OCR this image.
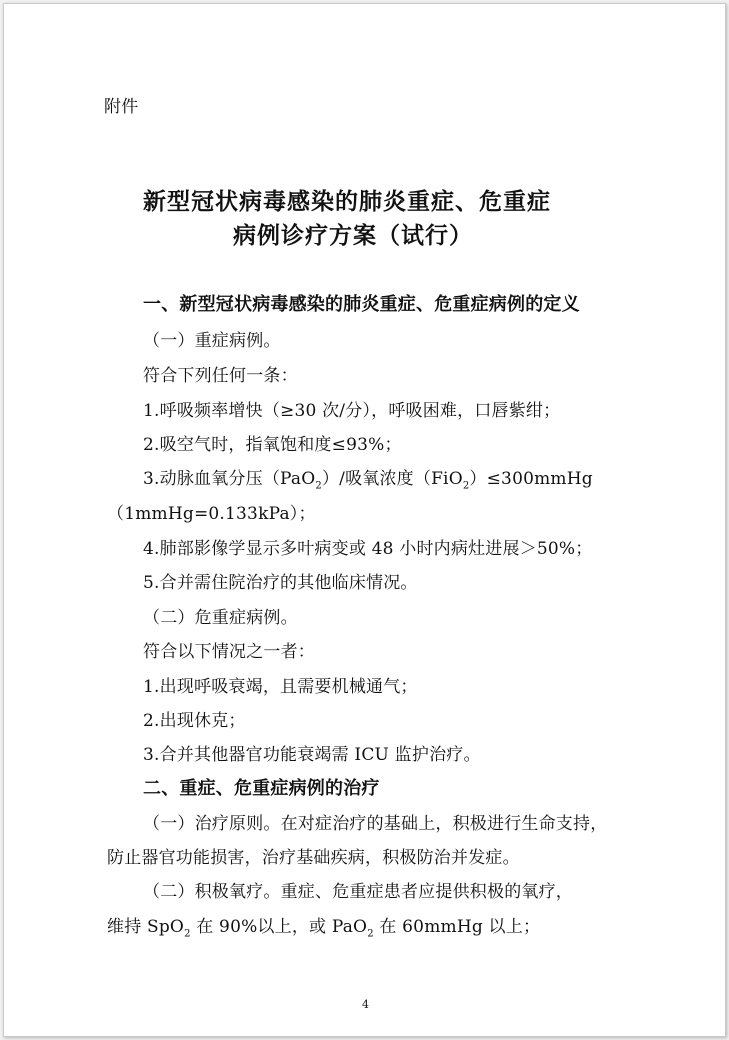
附件
新型冠状病毒感染的肺炎重症、危重症
病例诊疗方案（试行）
一、新型冠状病毒感染的肺炎重症、危重症病例的定义
（一）重症病例。
符合下列任何一条：
1.呼吸频率增快（≥30 次/分），呼吸困难，口唇紫绀；
2.吸空气时，指氧饱和度≤93%；
3.动脉血氧分压（PaO$_2$）/吸氧浓度（FiO$_2$）≤300mmHg
（1mmHg=0.133kPa）；
4.肺部影像学显示多叶病变或 48 小时内病灶进展＞50%；
5.合并需住院治疗的其他临床情况。
（二）危重症病例。
符合以下情况之一者：
1.出现呼吸衰竭，且需要机械通气；
2.出现休克；
3.合并其他器官功能衰竭需 ICU 监护治疗。
二、重症、危重症病例的治疗
（一）治疗原则。在对症治疗的基础上，积极进行生命支持，
防止器官功能损害，治疗基础疾病，积极防治并发症。
（二）积极氧疗。重症、危重症患者应提供积极的氧疗，
维持 SpO$_2$ 在 90%以上，或 PaO$_2$ 在 60mmHg 以上；
4
